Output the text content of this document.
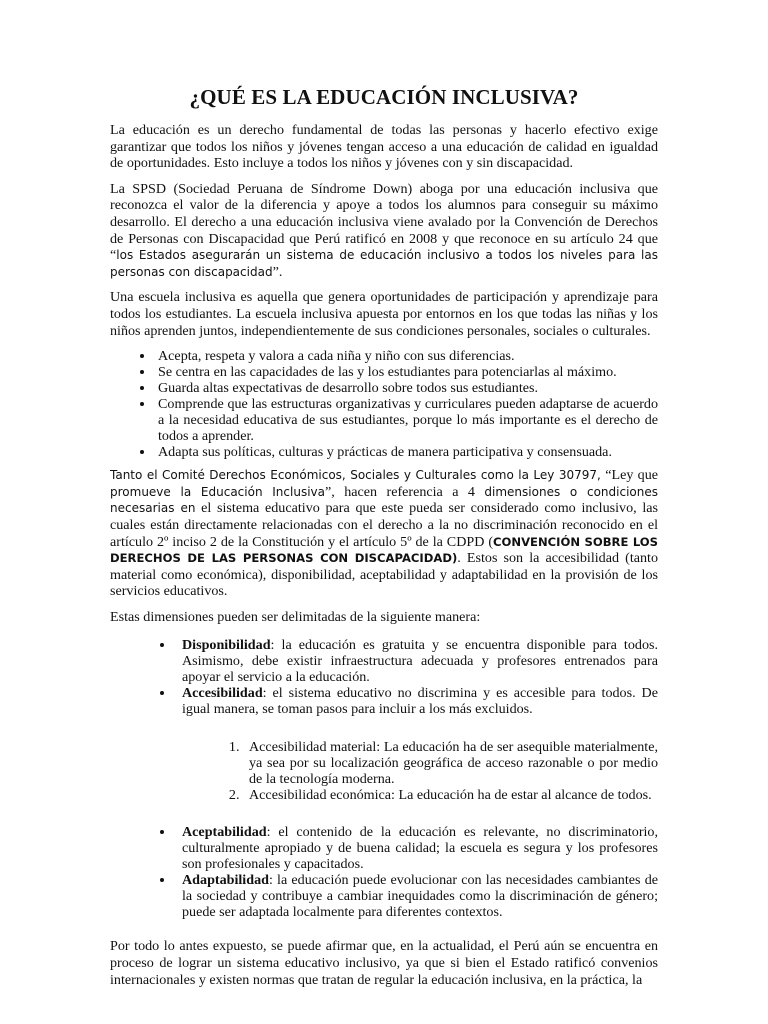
¿QUÉ ES LA EDUCACIÓN INCLUSIVA?

La educación es un derecho fundamental de todas las personas y hacerlo efectivo exige garantizar que todos los niños y jóvenes tengan acceso a una educación de calidad en igualdad de oportunidades. Esto incluye a todos los niños y jóvenes con y sin discapacidad.

La SPSD (Sociedad Peruana de Síndrome Down) aboga por una educación inclusiva que reconozca el valor de la diferencia y apoye a todos los alumnos para conseguir su máximo desarrollo. El derecho a una educación inclusiva viene avalado por la Convención de Derechos de Personas con Discapacidad que Perú ratificó en 2008 y que reconoce en su artículo 24 que “los Estados asegurarán un sistema de educación inclusivo a todos los niveles para las personas con discapacidad”.

Una escuela inclusiva es aquella que genera oportunidades de participación y aprendizaje para todos los estudiantes. La escuela inclusiva apuesta por entornos en los que todas las niñas y los niños aprenden juntos, independientemente de sus condiciones personales, sociales o culturales.

• Acepta, respeta y valora a cada niña y niño con sus diferencias.
• Se centra en las capacidades de las y los estudiantes para potenciarlas al máximo.
• Guarda altas expectativas de desarrollo sobre todos sus estudiantes.
• Comprende que las estructuras organizativas y curriculares pueden adaptarse de acuerdo a la necesidad educativa de sus estudiantes, porque lo más importante es el derecho de todos a aprender.
• Adapta sus políticas, culturas y prácticas de manera participativa y consensuada.

Tanto el Comité Derechos Económicos, Sociales y Culturales como la Ley 30797, “Ley que promueve la Educación Inclusiva”, hacen referencia a 4 dimensiones o condiciones necesarias en el sistema educativo para que este pueda ser considerado como inclusivo, las cuales están directamente relacionadas con el derecho a la no discriminación reconocido en el artículo 2º inciso 2 de la Constitución y el artículo 5º de la CDPD (CONVENCIÓN SOBRE LOS DERECHOS DE LAS PERSONAS CON DISCAPACIDAD). Estos son la accesibilidad (tanto material como económica), disponibilidad, aceptabilidad y adaptabilidad en la provisión de los servicios educativos.

Estas dimensiones pueden ser delimitadas de la siguiente manera:

• Disponibilidad: la educación es gratuita y se encuentra disponible para todos. Asimismo, debe existir infraestructura adecuada y profesores entrenados para apoyar el servicio a la educación.
• Accesibilidad: el sistema educativo no discrimina y es accesible para todos. De igual manera, se toman pasos para incluir a los más excluidos.
1. Accesibilidad material: La educación ha de ser asequible materialmente, ya sea por su localización geográfica de acceso razonable o por medio de la tecnología moderna.
2. Accesibilidad económica: La educación ha de estar al alcance de todos.
• Aceptabilidad: el contenido de la educación es relevante, no discriminatorio, culturalmente apropiado y de buena calidad; la escuela es segura y los profesores son profesionales y capacitados.
• Adaptabilidad: la educación puede evolucionar con las necesidades cambiantes de la sociedad y contribuye a cambiar inequidades como la discriminación de género; puede ser adaptada localmente para diferentes contextos.

Por todo lo antes expuesto, se puede afirmar que, en la actualidad, el Perú aún se encuentra en proceso de lograr un sistema educativo inclusivo, ya que si bien el Estado ratificó convenios internacionales y existen normas que tratan de regular la educación inclusiva, en la práctica, la
